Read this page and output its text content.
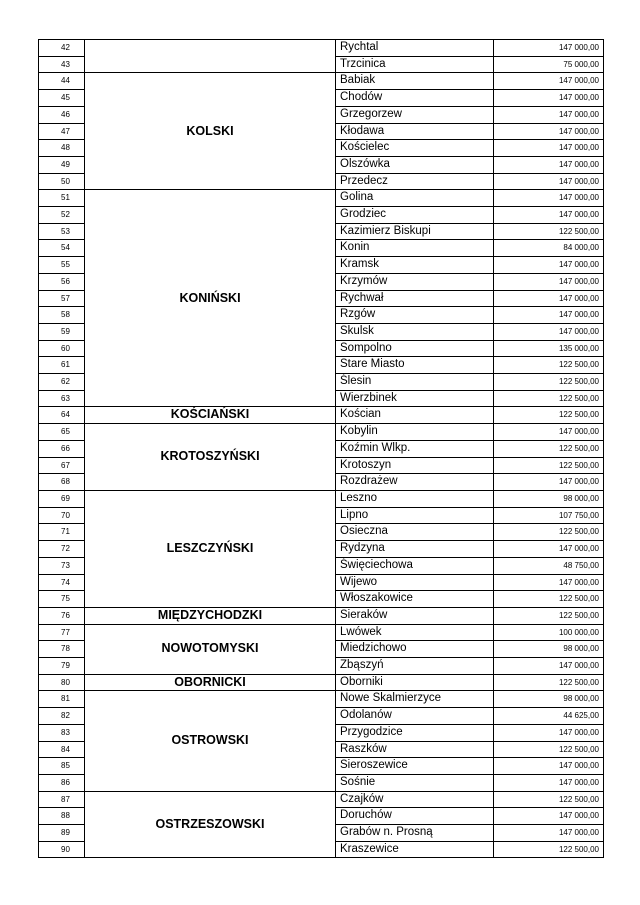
42		Rychtal	147 000,00
43		Trzcinica	75 000,00
44	KOLSKI	Babiak	147 000,00
45		Chodów	147 000,00
46		Grzegorzew	147 000,00
47		Kłodawa	147 000,00
48		Kościelec	147 000,00
49		Olszówka	147 000,00
50		Przedecz	147 000,00
51	KONIŃSKI	Golina	147 000,00
52		Grodziec	147 000,00
53		Kazimierz Biskupi	122 500,00
54		Konin	84 000,00
55		Kramsk	147 000,00
56		Krzymów	147 000,00
57		Rychwał	147 000,00
58		Rzgów	147 000,00
59		Skulsk	147 000,00
60		Sompolno	135 000,00
61		Stare Miasto	122 500,00
62		Ślesin	122 500,00
63		Wierzbinek	122 500,00
64	KOŚCIAŃSKI	Kościan	122 500,00
65	KROTOSZYŃSKI	Kobylin	147 000,00
66		Koźmin Wlkp.	122 500,00
67		Krotoszyn	122 500,00
68		Rozdrażew	147 000,00
69	LESZCZYŃSKI	Leszno	98 000,00
70		Lipno	107 750,00
71		Osieczna	122 500,00
72		Rydzyna	147 000,00
73		Święciechowa	48 750,00
74		Wijewo	147 000,00
75		Włoszakowice	122 500,00
76	MIĘDZYCHODZKI	Sieraków	122 500,00
77	NOWOTOMYSKI	Lwówek	100 000,00
78		Miedzichowo	98 000,00
79		Zbąszyń	147 000,00
80	OBORNICKI	Oborniki	122 500,00
81	OSTROWSKI	Nowe Skalmierzyce	98 000,00
82		Odolanów	44 625,00
83		Przygodzice	147 000,00
84		Raszków	122 500,00
85		Sieroszewice	147 000,00
86		Sośnie	147 000,00
87	OSTRZESZOWSKI	Czajków	122 500,00
88		Doruchów	147 000,00
89		Grabów n. Prosną	147 000,00
90		Kraszewice	122 500,00
